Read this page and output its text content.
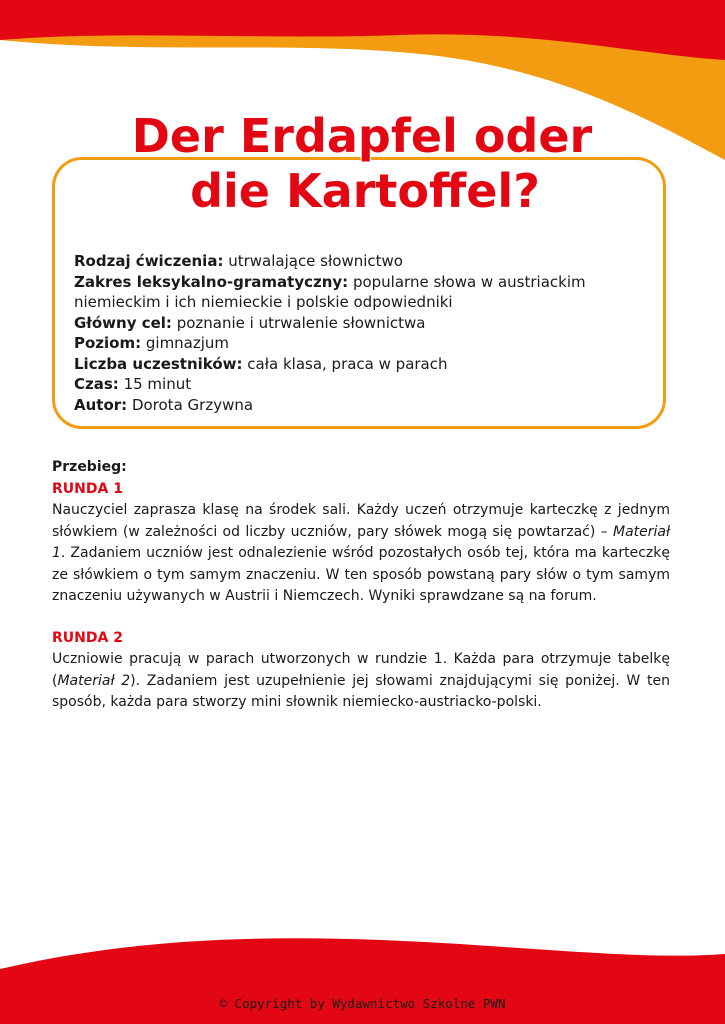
Der Erdapfel oder
die Kartoffel?
Rodzaj ćwiczenia: utrwalające słownictwo
Zakres leksykalno-gramatyczny: popularne słowa w austriackim niemieckim i ich niemieckie i polskie odpowiedniki
Główny cel: poznanie i utrwalenie słownictwa
Poziom: gimnazjum
Liczba uczestników: cała klasa, praca w parach
Czas: 15 minut
Autor: Dorota Grzywna
Przebieg:
RUNDA 1
Nauczyciel zaprasza klasę na środek sali. Każdy uczeń otrzymuje karteczkę z jednym słówkiem (w zależności od liczby uczniów, pary słówek mogą się powtarzać) – Materiał 1. Zadaniem uczniów jest odnalezienie wśród pozostałych osób tej, która ma karteczkę ze słówkiem o tym samym znaczeniu. W ten sposób powstaną pary słów o tym samym znaczeniu używanych w Austrii i Niemczech. Wyniki sprawdzane są na forum.
RUNDA 2
Uczniowie pracują w parach utworzonych w rundzie 1. Każda para otrzymuje tabelkę (Materiał 2). Zadaniem jest uzupełnienie jej słowami znajdującymi się poniżej. W ten sposób, każda para stworzy mini słownik niemiecko-austriacko-polski.
© Copyright by Wydawnictwo Szkolne PWN
